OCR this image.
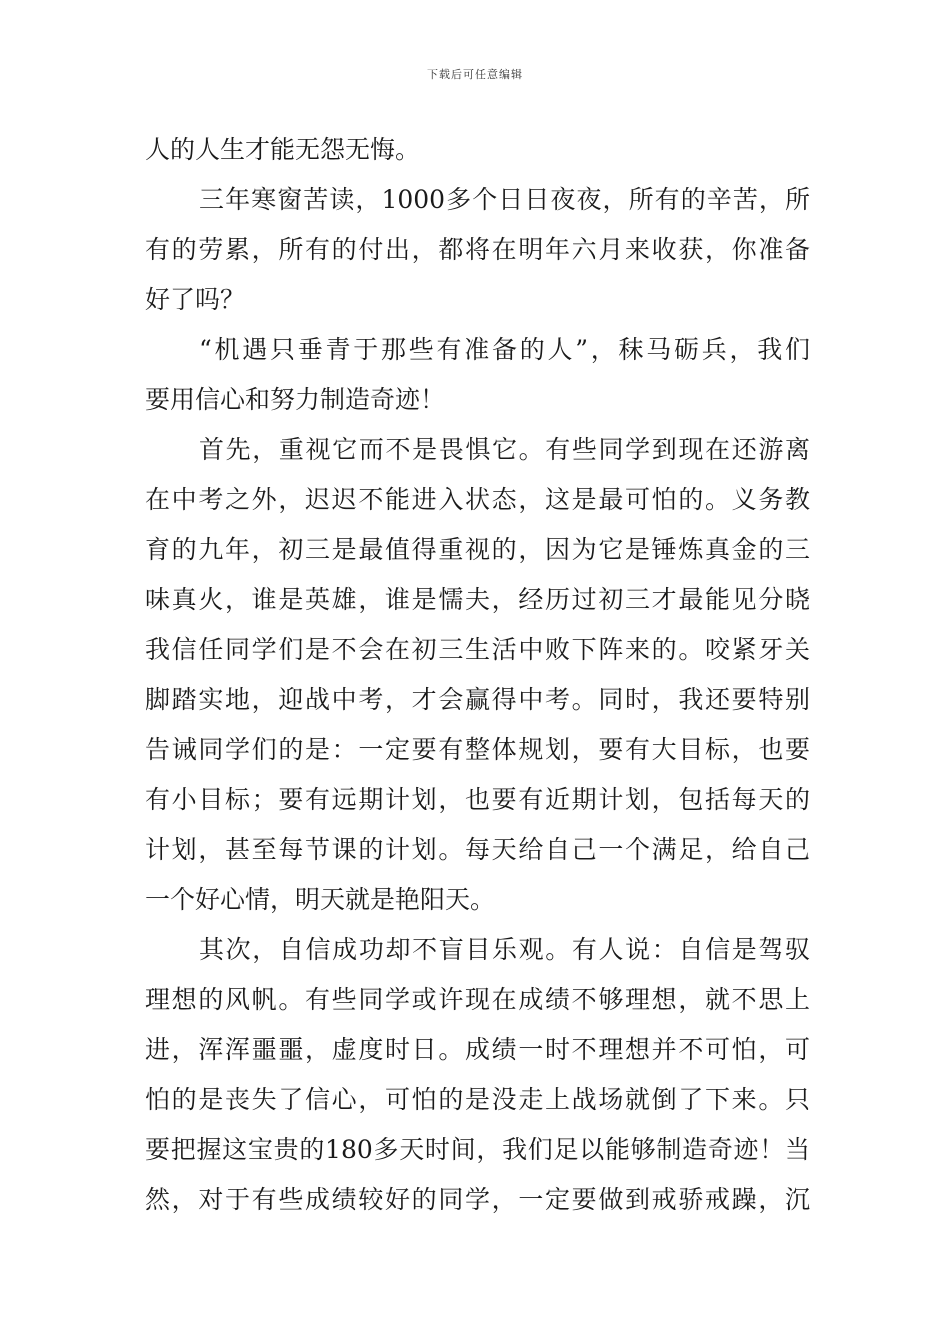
下载后可任意编辑
人的人生才能无怨无悔。
三年寒窗苦读，1000多个日日夜夜，所有的辛苦，所
有的劳累，所有的付出，都将在明年六月来收获，你准备
好了吗？
“机遇只垂青于那些有准备的人”，秣马砺兵，我们
要用信心和努力制造奇迹！
首先，重视它而不是畏惧它。有些同学到现在还游离
在中考之外，迟迟不能进入状态，这是最可怕的。义务教
育的九年，初三是最值得重视的，因为它是锤炼真金的三
味真火，谁是英雄，谁是懦夫，经历过初三才最能见分晓
我信任同学们是不会在初三生活中败下阵来的。咬紧牙关
脚踏实地，迎战中考，才会赢得中考。同时，我还要特别
告诫同学们的是：一定要有整体规划，要有大目标，也要
有小目标；要有远期计划，也要有近期计划，包括每天的
计划，甚至每节课的计划。每天给自己一个满足，给自己
一个好心情，明天就是艳阳天。
其次，自信成功却不盲目乐观。有人说：自信是驾驭
理想的风帆。有些同学或许现在成绩不够理想，就不思上
进，浑浑噩噩，虚度时日。成绩一时不理想并不可怕，可
怕的是丧失了信心，可怕的是没走上战场就倒了下来。只
要把握这宝贵的180多天时间，我们足以能够制造奇迹！当
然，对于有些成绩较好的同学，一定要做到戒骄戒躁，沉
